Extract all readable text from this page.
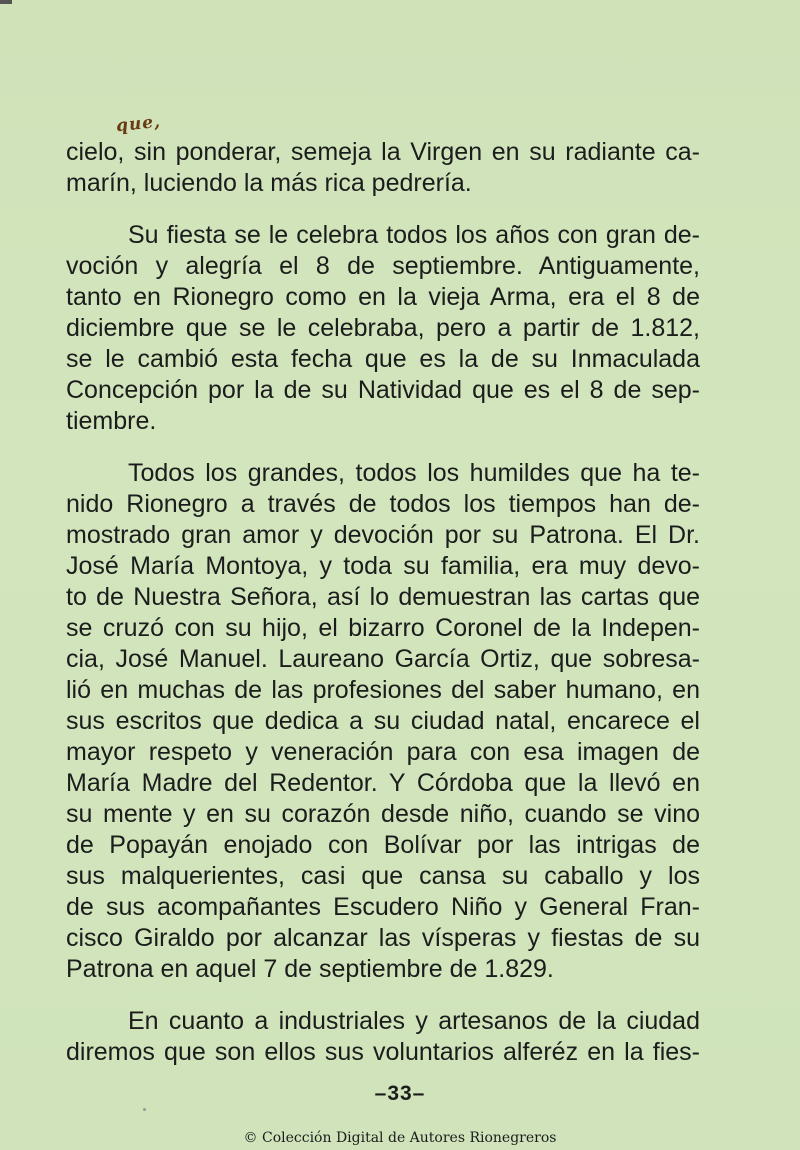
que,
cielo, sin ponderar, semeja la Virgen en su radiante ca-
marín, luciendo la más rica pedrería.
Su fiesta se le celebra todos los años con gran de-
voción y alegría el 8 de septiembre. Antiguamente,
tanto en Rionegro como en la vieja Arma, era el 8 de
diciembre que se le celebraba, pero a partir de 1.812,
se le cambió esta fecha que es la de su Inmaculada
Concepción por la de su Natividad que es el 8 de sep-
tiembre.
Todos los grandes, todos los humildes que ha te-
nido Rionegro a través de todos los tiempos han de-
mostrado gran amor y devoción por su Patrona. El Dr.
José María Montoya, y toda su familia, era muy devo-
to de Nuestra Señora, así lo demuestran las cartas que
se cruzó con su hijo, el bizarro Coronel de la Indepen-
cia, José Manuel. Laureano García Ortiz, que sobresa-
lió en muchas de las profesiones del saber humano, en
sus escritos que dedica a su ciudad natal, encarece el
mayor respeto y veneración para con esa imagen de
María Madre del Redentor. Y Córdoba que la llevó en
su mente y en su corazón desde niño, cuando se vino
de Popayán enojado con Bolívar por las intrigas de
sus malquerientes, casi que cansa su caballo y los
de sus acompañantes Escudero Niño y General Fran-
cisco Giraldo por alcanzar las vísperas y fiestas de su
Patrona en aquel 7 de septiembre de 1.829.
En cuanto a industriales y artesanos de la ciudad
diremos que son ellos sus voluntarios alferéz en la fies-
–33–
© Colección Digital de Autores Rionegreros
